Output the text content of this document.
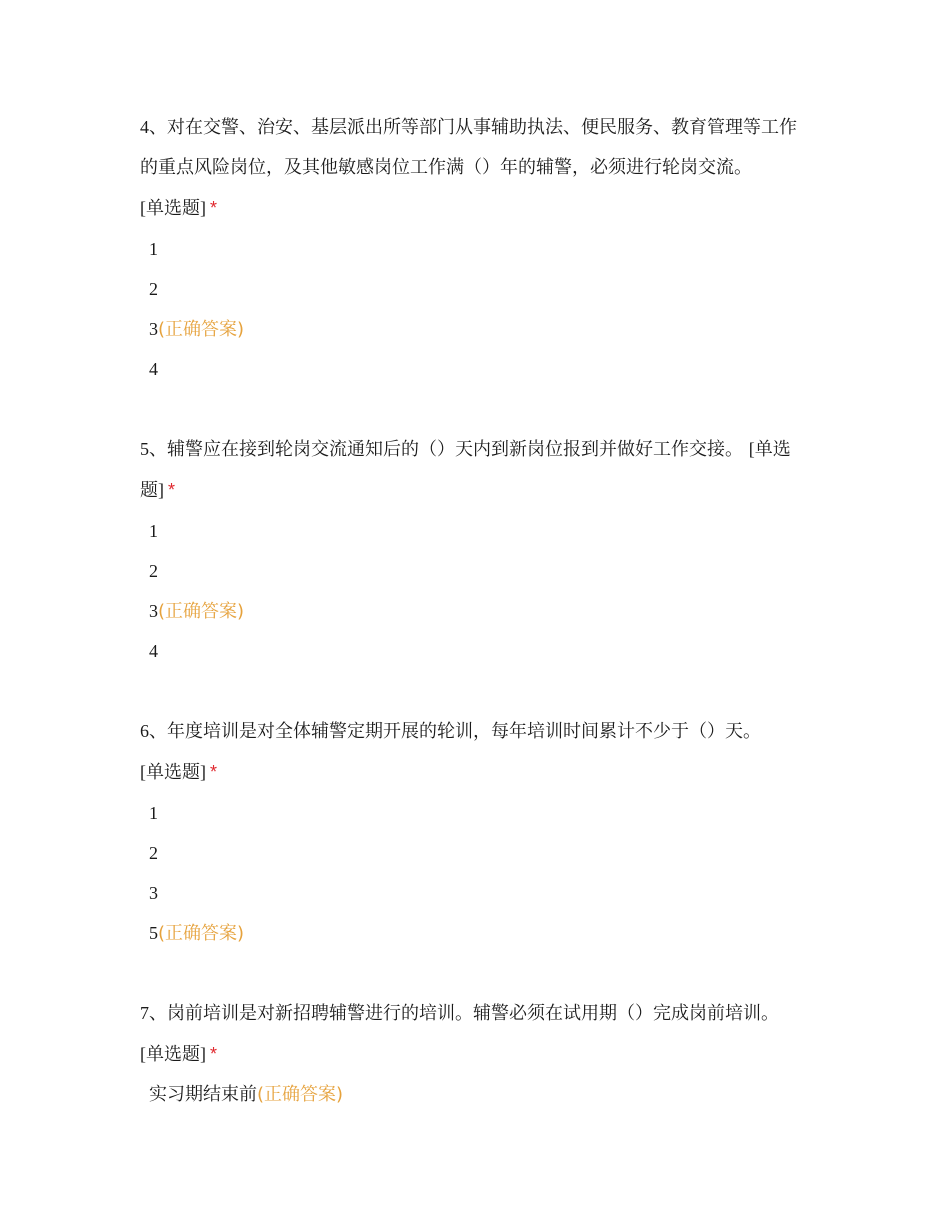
4、对在交警、治安、基层派出所等部门从事辅助执法、便民服务、教育管理等工作的重点风险岗位，及其他敏感岗位工作满（）年的辅警，必须进行轮岗交流。
[单选题] *

1
2
3(正确答案)
4

5、辅警应在接到轮岗交流通知后的（）天内到新岗位报到并做好工作交接。 [单选题] *

1
2
3(正确答案)
4

6、年度培训是对全体辅警定期开展的轮训，每年培训时间累计不少于（）天。
[单选题] *

1
2
3
5(正确答案)

7、岗前培训是对新招聘辅警进行的培训。辅警必须在试用期（）完成岗前培训。
[单选题] *

实习期结束前(正确答案)
